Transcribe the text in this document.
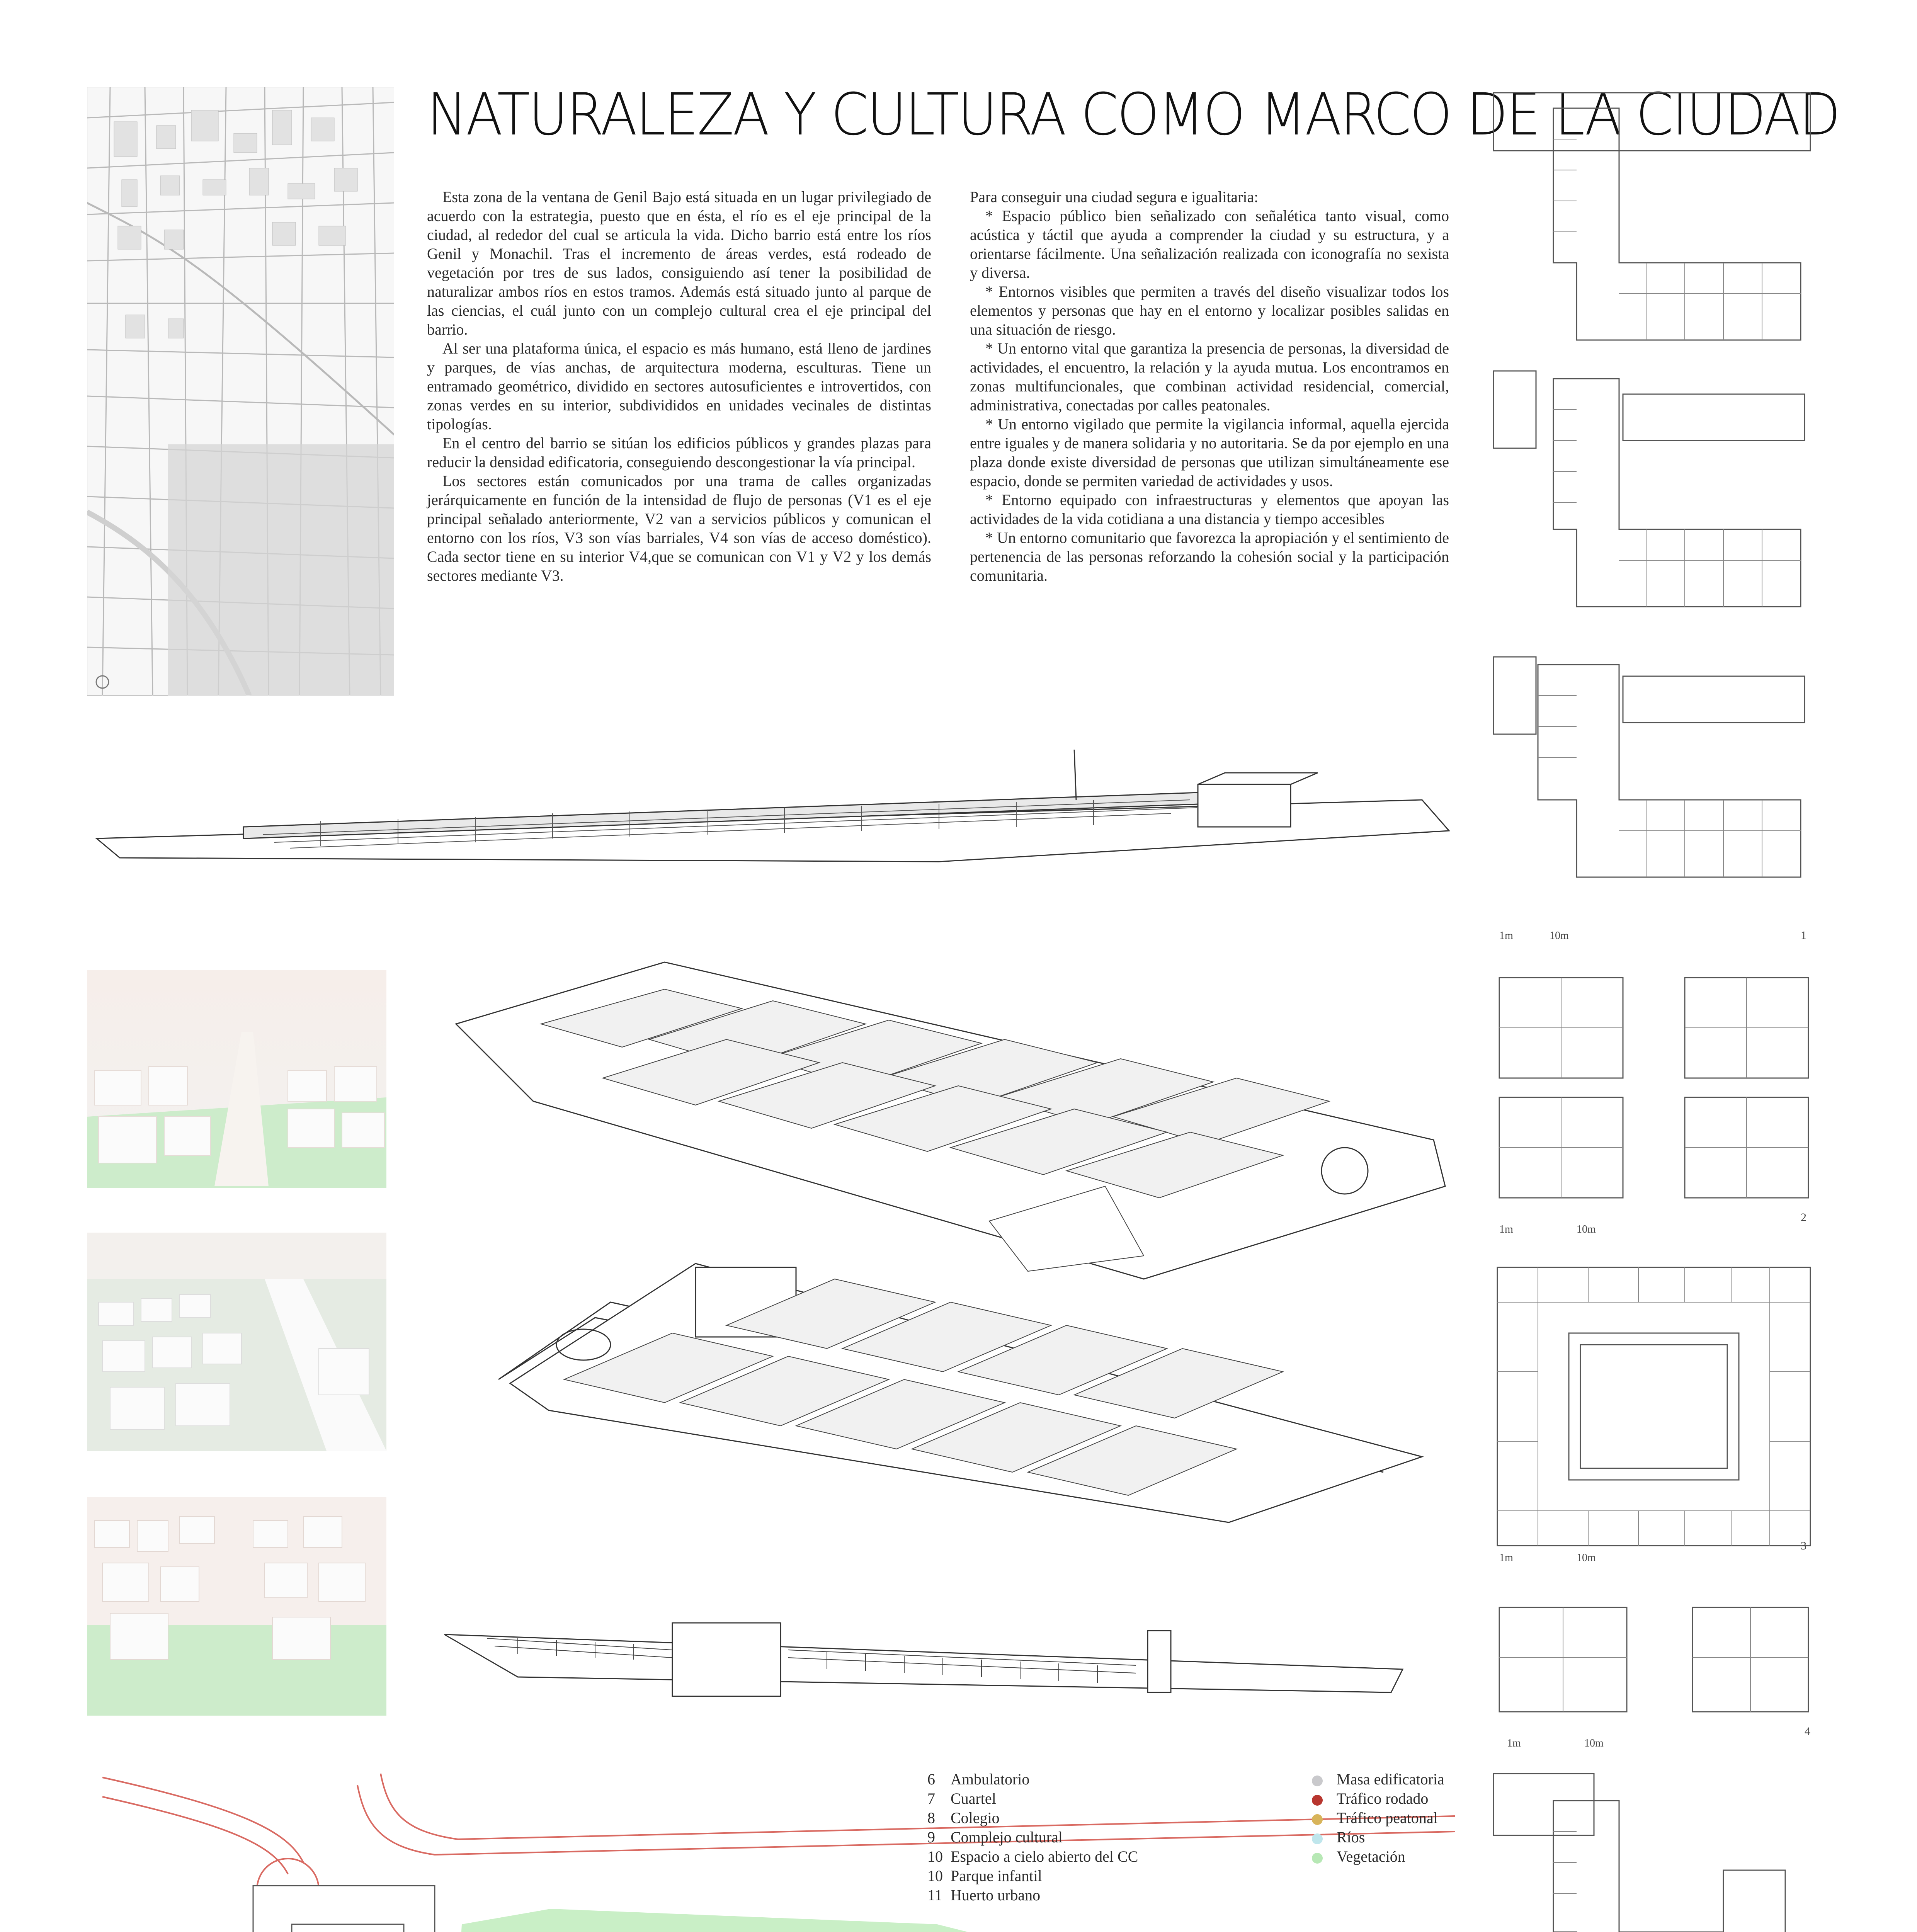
NATURALEZA Y CULTURA COMO MARCO DE LA CIUDAD

Esta zona de la ventana de Genil Bajo está situada en un lugar privilegiado de acuerdo con la estrategia, puesto que en ésta, el río es el eje principal de la ciudad, al rededor del cual se articula la vida. Dicho barrio está entre los ríos Genil y Monachil. Tras el incremento de áreas verdes, está rodeado de vegetación por tres de sus lados, consiguiendo así tener la posibilidad de naturalizar ambos ríos en estos tramos. Además está situado junto al parque de las ciencias, el cuál junto con un complejo cultural crea el eje principal del barrio.

Al ser una plataforma única, el espacio es más humano, está lleno de jardines y parques, de vías anchas, de arquitectura moderna, esculturas. Tiene un entramado geométrico, dividido en sectores autosuficientes e introvertidos, con zonas verdes en su interior, subdivididos en unidades vecinales de distintas tipologías.

En el centro del barrio se sitúan los edificios públicos y grandes plazas para reducir la densidad edificatoria, conseguiendo descongestionar la vía principal.

Los sectores están comunicados por una trama de calles organizadas jerárquicamente en función de la intensidad de flujo de personas (V1 es el eje principal señalado anteriormente, V2 van a servicios públicos y comunican el entorno con los ríos, V3 son vías barriales, V4 son vías de acceso doméstico). Cada sector tiene en su interior V4,que se comunican con V1 y V2 y los demás sectores mediante V3.

Para conseguir una ciudad segura e igualitaria:

* Espacio público bien señalizado con señalética tanto visual, como acústica y táctil que ayuda a comprender la ciudad y su estructura, y a orientarse fácilmente. Una señalización realizada con iconografía no sexista y diversa.

* Entornos visibles que permiten a través del diseño visualizar todos los elementos y personas que hay en el entorno y localizar posibles salidas en una situación de riesgo.

* Un entorno vital que garantiza la presencia de personas, la diversidad de actividades, el encuentro, la relación y la ayuda mutua. Los encontramos en zonas multifuncionales, que combinan actividad residencial, comercial, administrativa, conectadas por calles peatonales.

* Un entorno vigilado que permite la vigilancia informal, aquella ejercida entre iguales y de manera solidaria y no autoritaria. Se da por ejemplo en una plaza donde existe diversidad de personas que utilizan simultáneamente ese espacio, donde se permiten variedad de actividades y usos.

* Entorno equipado con infraestructuras y elementos que apoyan las actividades de la vida cotidiana a una distancia y tiempo accesibles

* Un entorno comunitario que favorezca la apropiación y el sentimiento de pertenencia de las personas reforzando la cohesión social y la participación comunitaria.

6 Ambulatorio
7 Cuartel
8 Colegio
9 Complejo cultural
10 Espacio a cielo abierto del CC
10 Parque infantil
11 Huerto urbano
Masa edificatoria
Tráfico rodado
Tráfico peatonal
Ríos
Vegetación
1m	10m	1
1m	10m
2
1m	10m
3
1m	10m
4
